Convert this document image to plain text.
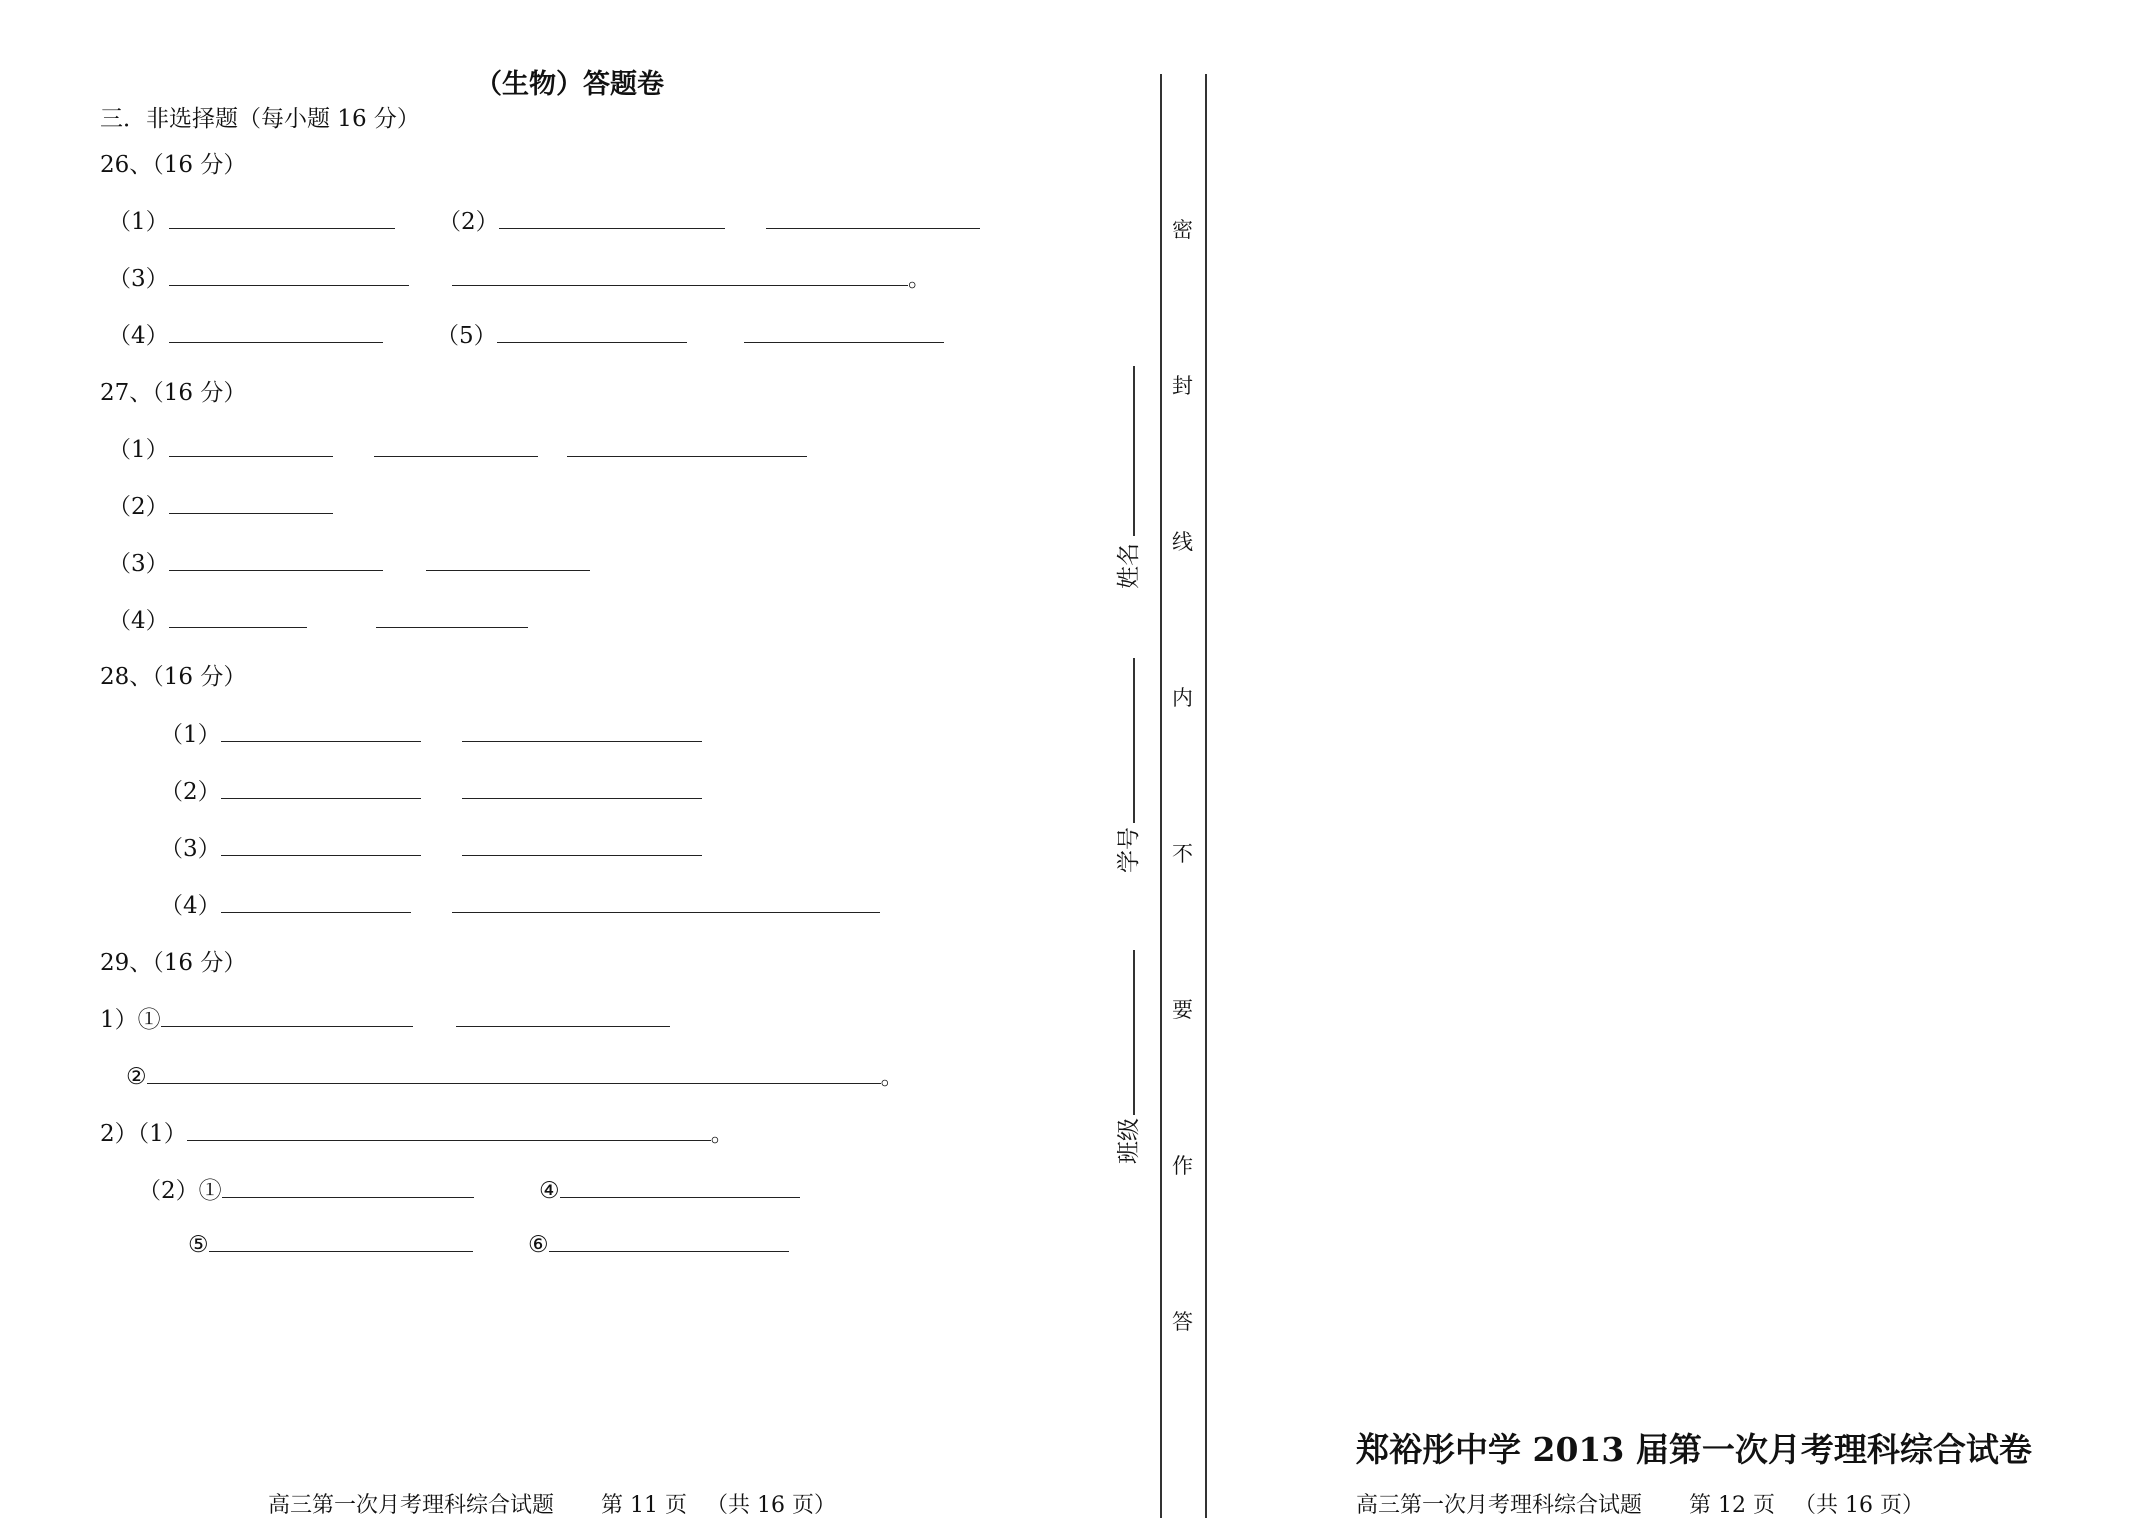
（生物）答题卷
三．非选择题（每小题 16 分）
26、（16 分）
（1）	（2）
（3）	。
（4）	（5）
27、（16 分）
（1）
（2）
（3）
（4）
28、（16 分）
（1）
（2）
（3）
（4）
29、（16 分）
1）①
②	。
2）（1）	。
（2）①	④
⑤	⑥
高三第一次月考理科综合试题 第 11 页 （共 16 页）
姓名
学号
班级
密
封
线
内
不
要
作
答
郑裕彤中学 2013 届第一次月考理科综合试卷
高三第一次月考理科综合试题 第 12 页 （共 16 页）
